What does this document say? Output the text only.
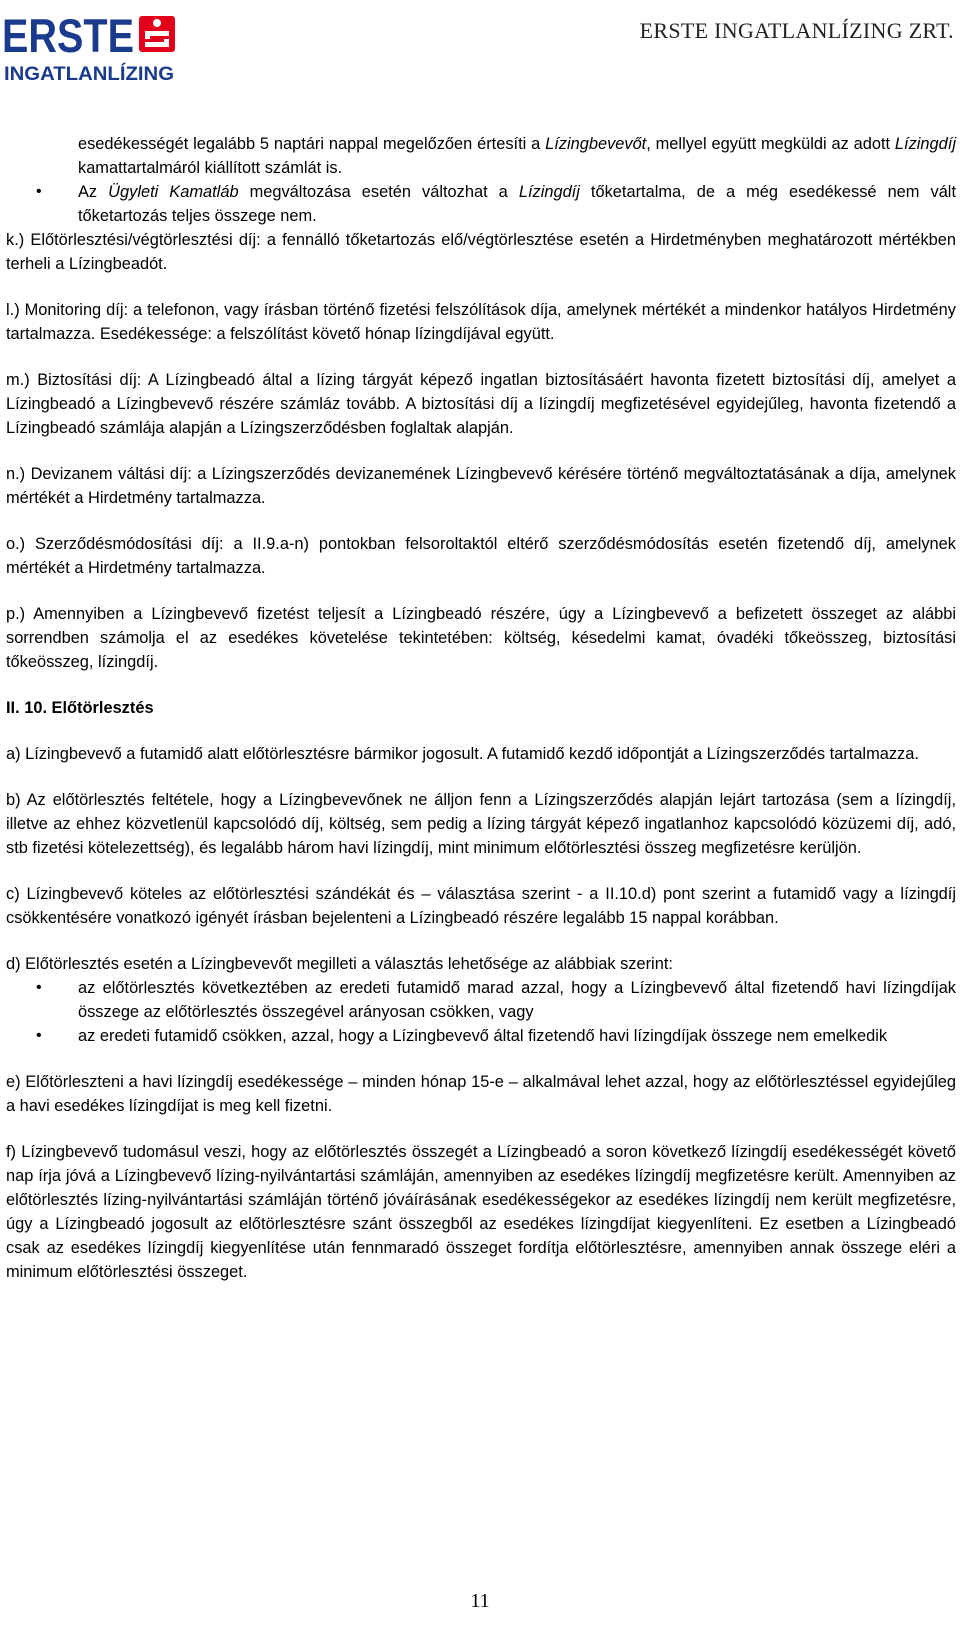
ERSTE
INGATLANLÍZING
ERSTE INGATLANLÍZING ZRT.

esedékességét legalább 5 naptári nappal megelőzően értesíti a Lízingbevevőt, mellyel együtt megküldi az adott Lízingdíj kamattartalmáról kiállított számlát is.

• Az Ügyleti Kamatláb megváltozása esetén változhat a Lízingdíj tőketartalma, de a még esedékessé nem vált tőketartozás teljes összege nem.

k.) Előtörlesztési/végtörlesztési díj: a fennálló tőketartozás elő/végtörlesztése esetén a Hirdetményben meghatározott mértékben terheli a Lízingbeadót.

l.) Monitoring díj: a telefonon, vagy írásban történő fizetési felszólítások díja, amelynek mértékét a mindenkor hatályos Hirdetmény tartalmazza. Esedékessége: a felszólítást követő hónap lízingdíjával együtt.

m.) Biztosítási díj: A Lízingbeadó által a lízing tárgyát képező ingatlan biztosításáért havonta fizetett biztosítási díj, amelyet a Lízingbeadó a Lízingbevevő részére számláz tovább. A biztosítási díj a lízingdíj megfizetésével egyidejűleg, havonta fizetendő a Lízingbeadó számlája alapján a Lízingszerződésben foglaltak alapján.

n.) Devizanem váltási díj: a Lízingszerződés devizanemének Lízingbevevő kérésére történő megváltoztatásának a díja, amelynek mértékét a Hirdetmény tartalmazza.

o.) Szerződésmódosítási díj: a II.9.a-n) pontokban felsoroltaktól eltérő szerződésmódosítás esetén fizetendő díj, amelynek mértékét a Hirdetmény tartalmazza.

p.) Amennyiben a Lízingbevevő fizetést teljesít a Lízingbeadó részére, úgy a Lízingbevevő a befizetett összeget az alábbi sorrendben számolja el az esedékes követelése tekintetében: költség, késedelmi kamat, óvadéki tőkeösszeg, biztosítási tőkeösszeg, lízingdíj.

II. 10. Előtörlesztés

a) Lízingbevevő a futamidő alatt előtörlesztésre bármikor jogosult. A futamidő kezdő időpontját a Lízingszerződés tartalmazza.

b) Az előtörlesztés feltétele, hogy a Lízingbevevőnek ne álljon fenn a Lízingszerződés alapján lejárt tartozása (sem a lízingdíj, illetve az ehhez közvetlenül kapcsolódó díj, költség, sem pedig a lízing tárgyát képező ingatlanhoz kapcsolódó közüzemi díj, adó, stb fizetési kötelezettség), és legalább három havi lízingdíj, mint minimum előtörlesztési összeg megfizetésre kerüljön.

c) Lízingbevevő köteles az előtörlesztési szándékát és – választása szerint - a II.10.d) pont szerint a futamidő vagy a lízingdíj csökkentésére vonatkozó igényét írásban bejelenteni a Lízingbeadó részére legalább 15 nappal korábban.

d) Előtörlesztés esetén a Lízingbevevőt megilleti a választás lehetősége az alábbiak szerint:

• az előtörlesztés következtében az eredeti futamidő marad azzal, hogy a Lízingbevevő által fizetendő havi lízingdíjak összege az előtörlesztés összegével arányosan csökken, vagy
• az eredeti futamidő csökken, azzal, hogy a Lízingbevevő által fizetendő havi lízingdíjak összege nem emelkedik

e) Előtörleszteni a havi lízingdíj esedékessége – minden hónap 15-e – alkalmával lehet azzal, hogy az előtörlesztéssel egyidejűleg a havi esedékes lízingdíjat is meg kell fizetni.

f) Lízingbevevő tudomásul veszi, hogy az előtörlesztés összegét a Lízingbeadó a soron következő lízingdíj esedékességét követő nap írja jóvá a Lízingbevevő lízing-nyilvántartási számláján, amennyiben az esedékes lízingdíj megfizetésre került. Amennyiben az előtörlesztés lízing-nyilvántartási számláján történő jóváírásának esedékességekor az esedékes lízingdíj nem került megfizetésre, úgy a Lízingbeadó jogosult az előtörlesztésre szánt összegből az esedékes lízingdíjat kiegyenlíteni. Ez esetben a Lízingbeadó csak az esedékes lízingdíj kiegyenlítése után fennmaradó összeget fordítja előtörlesztésre, amennyiben annak összege eléri a minimum előtörlesztési összeget.

11
